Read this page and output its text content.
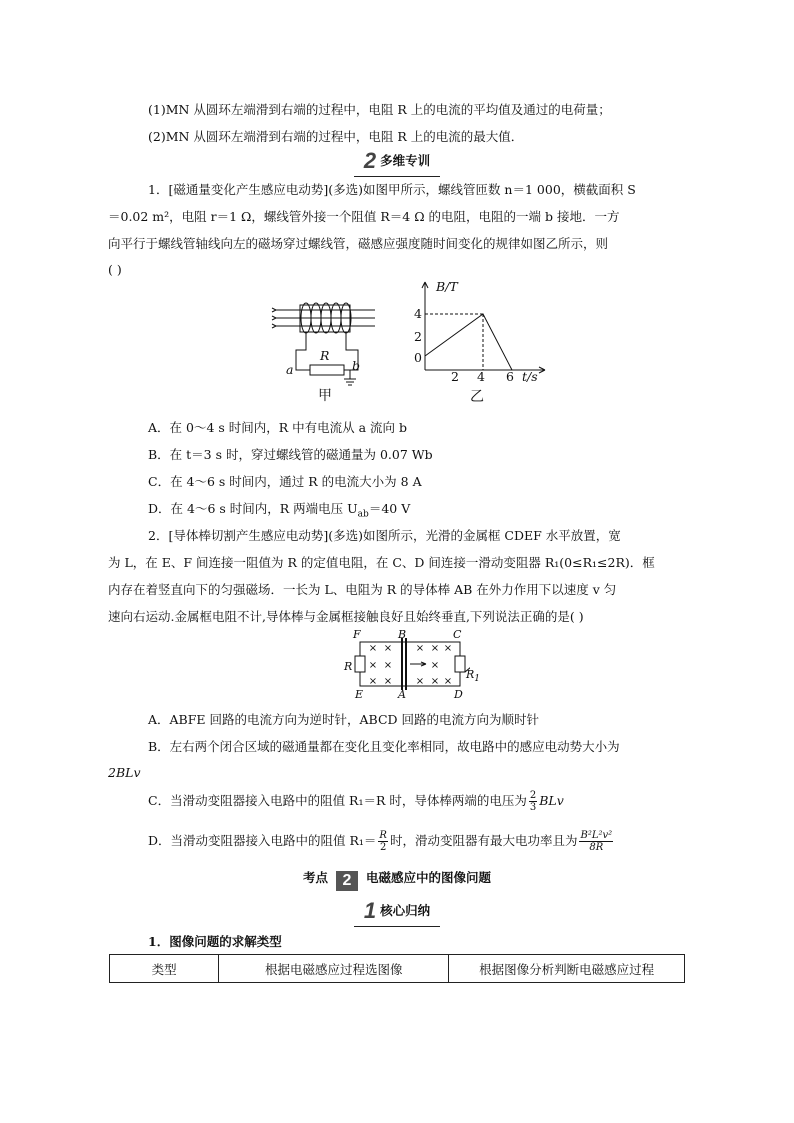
(1)MN 从圆环左端滑到右端的过程中，电阻 R 上的电流的平均值及通过的电荷量；
(2)MN 从圆环左端滑到右端的过程中，电阻 R 上的电流的最大值．
2 多维专训
1．[磁通量变化产生感应电动势](多选)如图甲所示，螺线管匝数 n＝1 000，横截面积 S
＝0.02 m²，电阻 r＝1 Ω，螺线管外接一个阻值 R＝4 Ω 的电阻，电阻的一端 b 接地．一方
向平行于螺线管轴线向左的磁场穿过螺线管，磁感应强度随时间变化的规律如图乙所示，则
( )
R
a	b
甲
B/T
4
2
0
2 4 6 t/s
乙
A．在 0～4 s 时间内，R 中有电流从 a 流向 b
B．在 t＝3 s 时，穿过螺线管的磁通量为 0.07 Wb
C．在 4～6 s 时间内，通过 R 的电流大小为 8 A
D．在 4～6 s 时间内，R 两端电压 $U_{ab}=40$ V
2．[导体棒切割产生感应电动势](多选)如图所示，光滑的金属框 CDEF 水平放置，宽
为 L，在 E、F 间连接一阻值为 R 的定值电阻，在 C、D 间连接一滑动变阻器 R₁(0≤R₁≤2R)．框
内存在着竖直向下的匀强磁场．一长为 L、电阻为 R 的导体棒 AB 在外力作用下以速度 v 匀
速向右运动.金属框电阻不计,导体棒与金属框接触良好且始终垂直,下列说法正确的是( )
× × × × ×
× ×	×
× × × × ×
F	B	C
R
$R_1$
E	A	D
A．ABFE 回路的电流方向为逆时针，ABCD 回路的电流方向为顺时针
B．左右两个闭合区域的磁通量都在变化且变化率相同，故电路中的感应电动势大小为
2BLv
C．当滑动变阻器接入电路中的阻值 R₁＝R 时，导体棒两端的电压为 $\frac{2}{3}$ BLv
D．当滑动变阻器接入电路中的阻值 $R_1= \frac{R}{2}$ 时，滑动变阻器有最大电功率且为 $\frac{\text{B²L²v²}}{8R}$
考点 2 电磁感应中的图像问题
1 核心归纳
1．图像问题的求解类型
类型	根据电磁感应过程选图像	根据图像分析判断电磁感应过程
